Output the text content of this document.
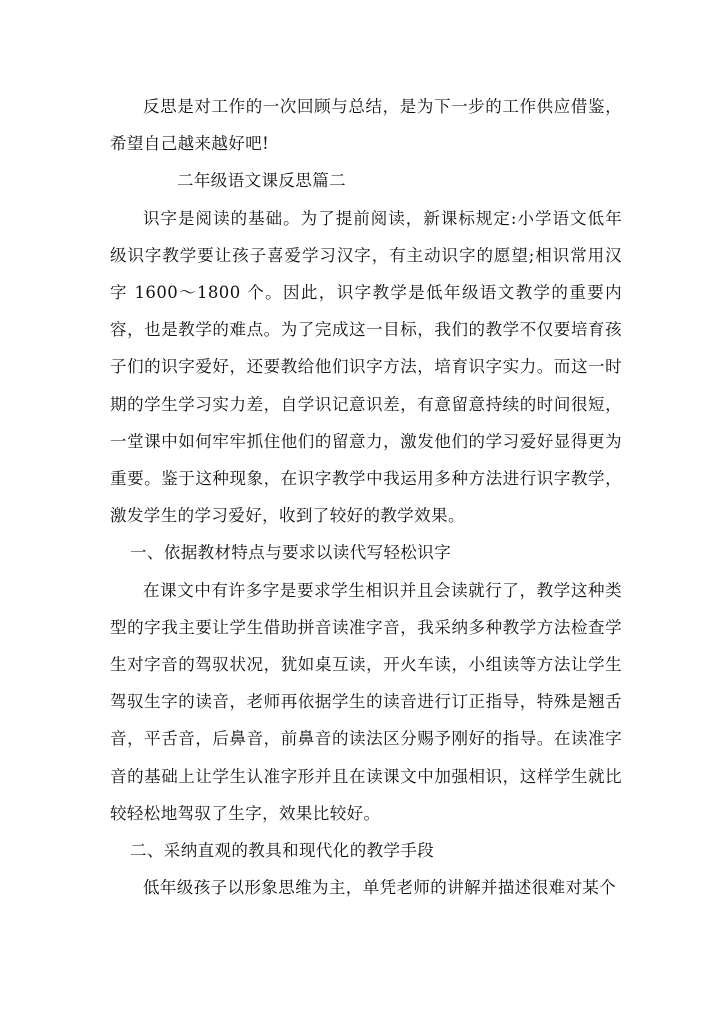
反思是对工作的一次回顾与总结，是为下一步的工作供应借鉴，希望自己越来越好吧!

二年级语文课反思篇二

识字是阅读的基础。为了提前阅读，新课标规定:小学语文低年级识字教学要让孩子喜爱学习汉字，有主动识字的愿望;相识常用汉字 1600～1800 个。因此，识字教学是低年级语文教学的重要内容，也是教学的难点。为了完成这一目标，我们的教学不仅要培育孩子们的识字爱好，还要教给他们识字方法，培育识字实力。而这一时期的学生学习实力差，自学识记意识差，有意留意持续的时间很短，一堂课中如何牢牢抓住他们的留意力，激发他们的学习爱好显得更为重要。鉴于这种现象，在识字教学中我运用多种方法进行识字教学，激发学生的学习爱好，收到了较好的教学效果。

一、依据教材特点与要求以读代写轻松识字

在课文中有许多字是要求学生相识并且会读就行了，教学这种类型的字我主要让学生借助拼音读准字音，我采纳多种教学方法检查学生对字音的驾驭状况，犹如桌互读，开火车读，小组读等方法让学生驾驭生字的读音，老师再依据学生的读音进行订正指导，特殊是翘舌音，平舌音，后鼻音，前鼻音的读法区分赐予刚好的指导。在读准字音的基础上让学生认准字形并且在读课文中加强相识，这样学生就比较轻松地驾驭了生字，效果比较好。

二、采纳直观的教具和现代化的教学手段

低年级孩子以形象思维为主，单凭老师的讲解并描述很难对某个
